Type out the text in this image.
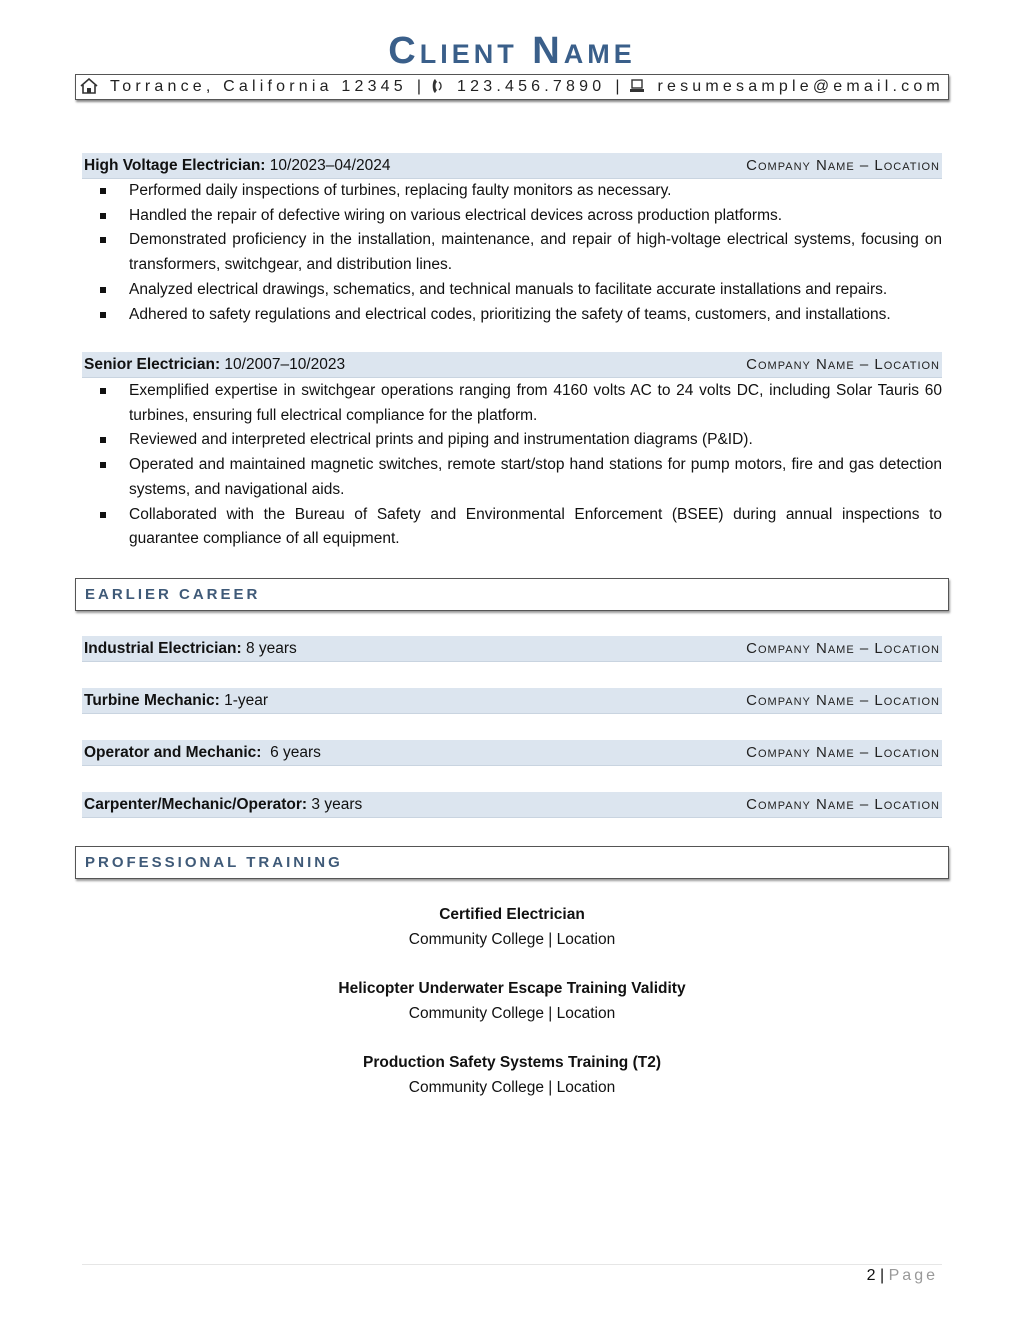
Client Name
Torrance, California 12345 | 123.456.7890 | resumesample@email.com
High Voltage Electrician: 10/2023–04/2024	Company Name – Location
Performed daily inspections of turbines, replacing faulty monitors as necessary.
Handled the repair of defective wiring on various electrical devices across production platforms.
Demonstrated proficiency in the installation, maintenance, and repair of high-voltage electrical systems, focusing on transformers, switchgear, and distribution lines.
Analyzed electrical drawings, schematics, and technical manuals to facilitate accurate installations and repairs.
Adhered to safety regulations and electrical codes, prioritizing the safety of teams, customers, and installations.
Senior Electrician: 10/2007–10/2023	Company Name – Location
Exemplified expertise in switchgear operations ranging from 4160 volts AC to 24 volts DC, including Solar Tauris 60 turbines, ensuring full electrical compliance for the platform.
Reviewed and interpreted electrical prints and piping and instrumentation diagrams (P&ID).
Operated and maintained magnetic switches, remote start/stop hand stations for pump motors, fire and gas detection systems, and navigational aids.
Collaborated with the Bureau of Safety and Environmental Enforcement (BSEE) during annual inspections to guarantee compliance of all equipment.
EARLIER CAREER
Industrial Electrician: 8 years	Company Name – Location
Turbine Mechanic: 1-year	Company Name – Location
Operator and Mechanic: 6 years	Company Name – Location
Carpenter/Mechanic/Operator: 3 years	Company Name – Location
PROFESSIONAL TRAINING
Certified Electrician
Community College | Location
Helicopter Underwater Escape Training Validity
Community College | Location
Production Safety Systems Training (T2)
Community College | Location
2 | Page
